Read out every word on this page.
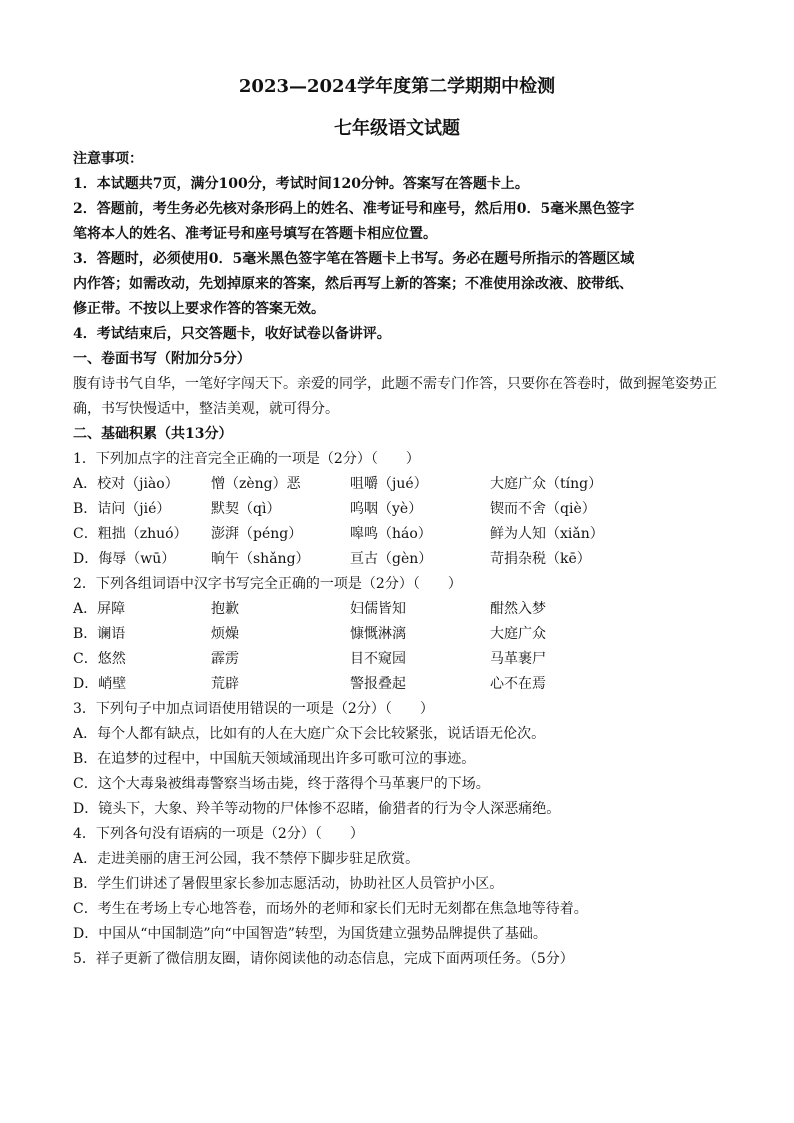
2023—2024学年度第二学期期中检测
七年级语文试题
注意事项：
1．本试题共7页，满分100分，考试时间120分钟。答案写在答题卡上。
2．答题前，考生务必先核对条形码上的姓名、准考证号和座号，然后用0．5毫米黑色签字
笔将本人的姓名、准考证号和座号填写在答题卡相应位置。
3．答题时，必须使用0．5毫米黑色签字笔在答题卡上书写。务必在题号所指示的答题区域
内作答；如需改动，先划掉原来的答案，然后再写上新的答案；不准使用涂改液、胶带纸、
修正带。不按以上要求作答的答案无效。
4．考试结束后，只交答题卡，收好试卷以备讲评。
一、卷面书写（附加分5分）
腹有诗书气自华，一笔好字闯天下。亲爱的同学，此题不需专门作答，只要你在答卷时，做到握笔姿势正
确，书写快慢适中，整洁美观，就可得分。
二、基础积累（共13分）
1．下列加点字的注音完全正确的一项是（2分）（　　）
A．校对（jiào）	憎（zèng）恶	咀嚼（jué）	大庭广众（tíng）
B．诘问（jié）	默契（qì）	呜咽（yè）	锲而不舍（qiè）
C．粗拙（zhuó）	澎湃（péng）	嗥鸣（háo）	鲜为人知（xiǎn）
D．侮辱（wū）	晌午（shǎng）	亘古（gèn）	苛捐杂税（kē）
2．下列各组词语中汉字书写完全正确的一项是（2分）（　　）
A．屏障	抱歉	妇儒皆知	酣然入梦
B．谰语	烦燥	慷慨淋漓	大庭广众
C．悠然	霹雳	目不窥园	马革裹尸
D．峭壁	荒辟	警报叠起	心不在焉
3．下列句子中加点词语使用错误的一项是（2分）（　　）
A．每个人都有缺点，比如有的人在大庭广众下会比较紧张，说话语无伦次。
B．在追梦的过程中，中国航天领域涌现出许多可歌可泣的事迹。
C．这个大毒枭被缉毒警察当场击毙，终于落得个马革裹尸的下场。
D．镜头下，大象、羚羊等动物的尸体惨不忍睹，偷猎者的行为令人深恶痛绝。
4．下列各句没有语病的一项是（2分）（　　）
A．走进美丽的唐王河公园，我不禁停下脚步驻足欣赏。
B．学生们讲述了暑假里家长参加志愿活动，协助社区人员管护小区。
C．考生在考场上专心地答卷，而场外的老师和家长们无时无刻都在焦急地等待着。
D．中国从“中国制造”向“中国智造”转型，为国货建立强势品牌提供了基础。
5．祥子更新了微信朋友圈，请你阅读他的动态信息，完成下面两项任务。（5分）
